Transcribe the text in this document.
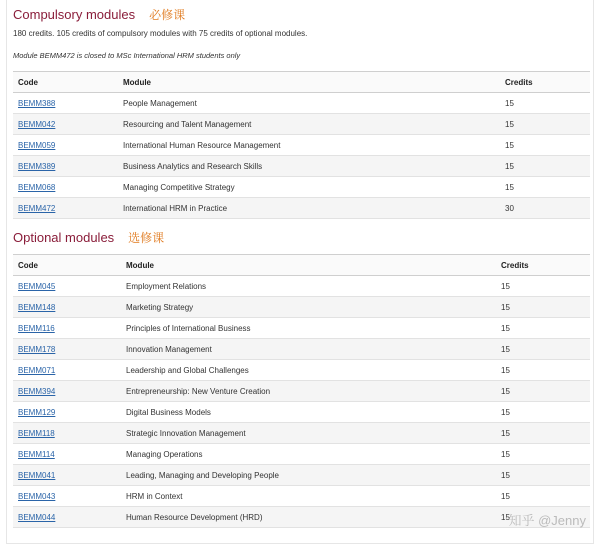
Compulsory modules 必修课
180 credits. 105 credits of compulsory modules with 75 credits of optional modules.
Module BEMM472 is closed to MSc International HRM students only
Code	Module	Credits
BEMM388	People Management	15
BEMM042	Resourcing and Talent Management	15
BEMM059	International Human Resource Management	15
BEMM389	Business Analytics and Research Skills	15
BEMM068	Managing Competitive Strategy	15
BEMM472	International HRM in Practice	30
Optional modules 选修课
Code	Module	Credits
BEMM045	Employment Relations	15
BEMM148	Marketing Strategy	15
BEMM116	Principles of International Business	15
BEMM178	Innovation Management	15
BEMM071	Leadership and Global Challenges	15
BEMM394	Entrepreneurship: New Venture Creation	15
BEMM129	Digital Business Models	15
BEMM118	Strategic Innovation Management	15
BEMM114	Managing Operations	15
BEMM041	Leading, Managing and Developing People	15
BEMM043	HRM in Context	15
BEMM044	Human Resource Development (HRD)	15
知乎 @Jenny
